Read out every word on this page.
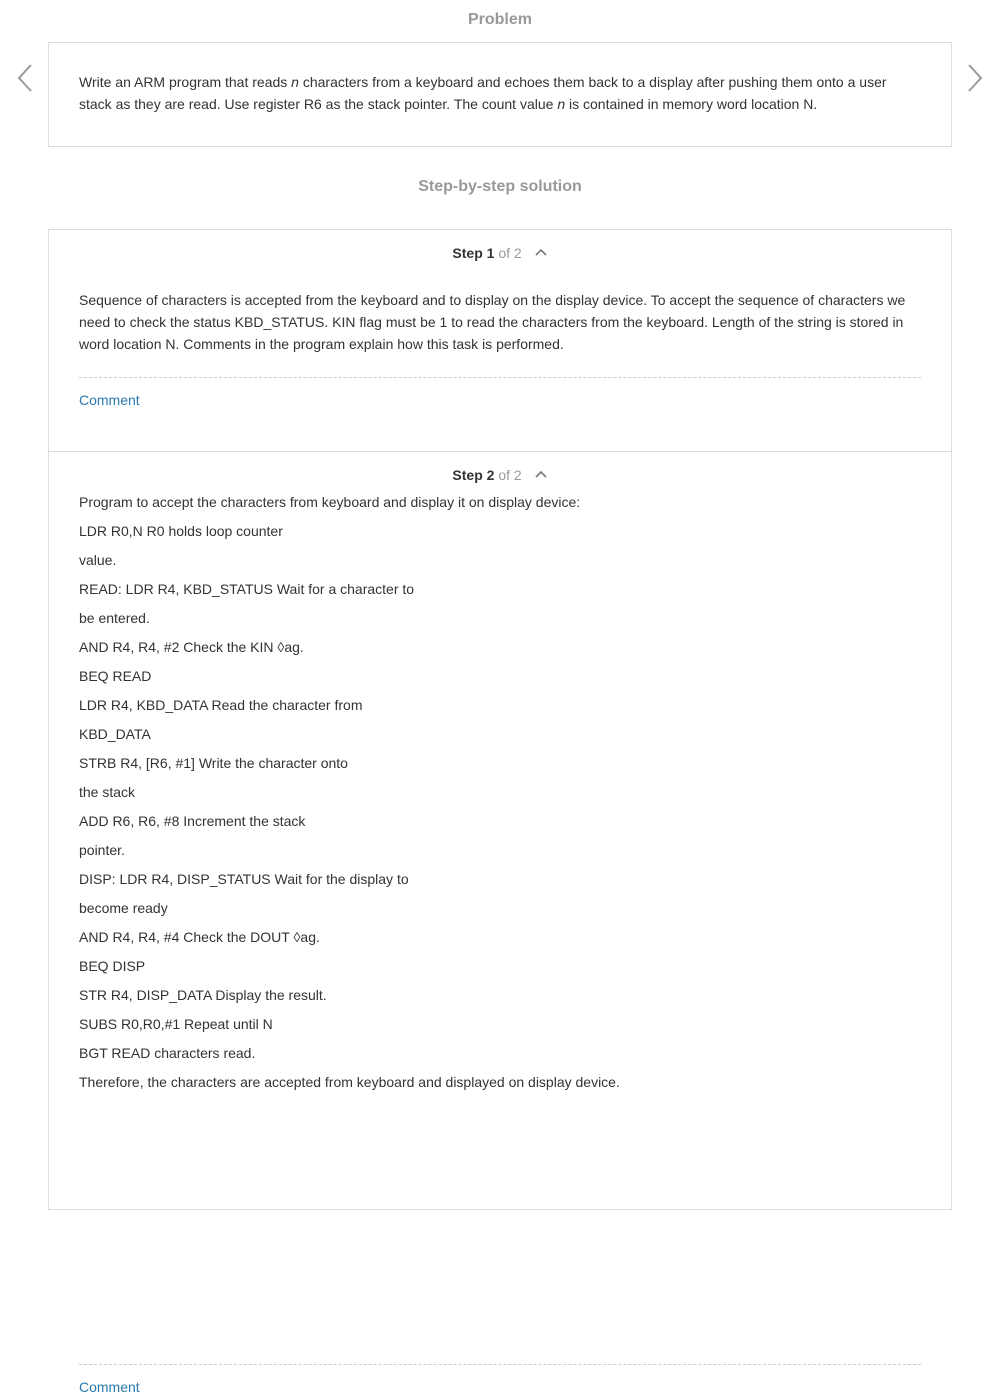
Problem

Write an ARM program that reads n characters from a keyboard and echoes them back to a display after pushing them onto a user stack as they are read. Use register R6 as the stack pointer. The count value n is contained in memory word location N.

Step-by-step solution
Step 1 of 2
Sequence of characters is accepted from the keyboard and to display on the display device. To accept the sequence of characters we need to check the status KBD_STATUS. KIN flag must be 1 to read the characters from the keyboard. Length of the string is stored in word location N. Comments in the program explain how this task is performed.
Comment
Step 2 of 2
Program to accept the characters from keyboard and display it on display device:
LDR R0,N R0 holds loop counter
value.
READ: LDR R4, KBD_STATUS Wait for a character to
be entered.
AND R4, R4, #2 Check the KIN ◊ag.
BEQ READ
LDR R4, KBD_DATA Read the character from
KBD_DATA
STRB R4, [R6, #1] Write the character onto
the stack
ADD R6, R6, #8 Increment the stack
pointer.
DISP: LDR R4, DISP_STATUS Wait for the display to
become ready
AND R4, R4, #4 Check the DOUT ◊ag.
BEQ DISP
STR R4, DISP_DATA Display the result.
SUBS R0,R0,#1 Repeat until N
BGT READ characters read.
Therefore, the characters are accepted from keyboard and displayed on display device.
Comment
